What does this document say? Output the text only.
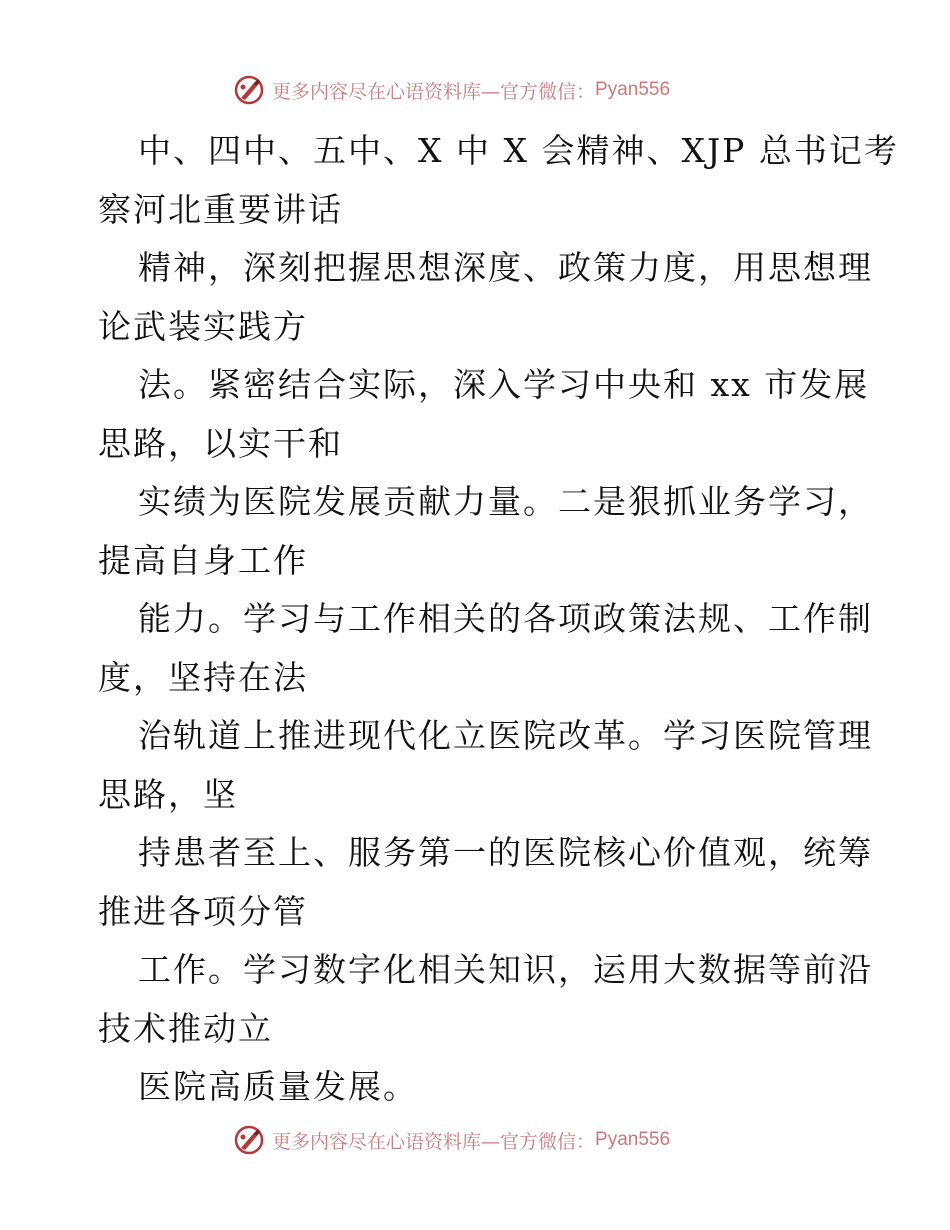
更多内容尽在心语资料库—官方微信： Pyan556
中、四中、五中、X 中 X 会精神、XJP 总书记考
察河北重要讲话
精神，深刻把握思想深度、政策力度，用思想理
论武装实践方
法。紧密结合实际，深入学习中央和 xx 市发展
思路，以实干和
实绩为医院发展贡献力量。二是狠抓业务学习，
提高自身工作
能力。学习与工作相关的各项政策法规、工作制
度，坚持在法
治轨道上推进现代化立医院改革。学习医院管理
思路，坚
持患者至上、服务第一的医院核心价值观，统筹
推进各项分管
工作。学习数字化相关知识，运用大数据等前沿
技术推动立
医院高质量发展。
更多内容尽在心语资料库—官方微信： Pyan556
